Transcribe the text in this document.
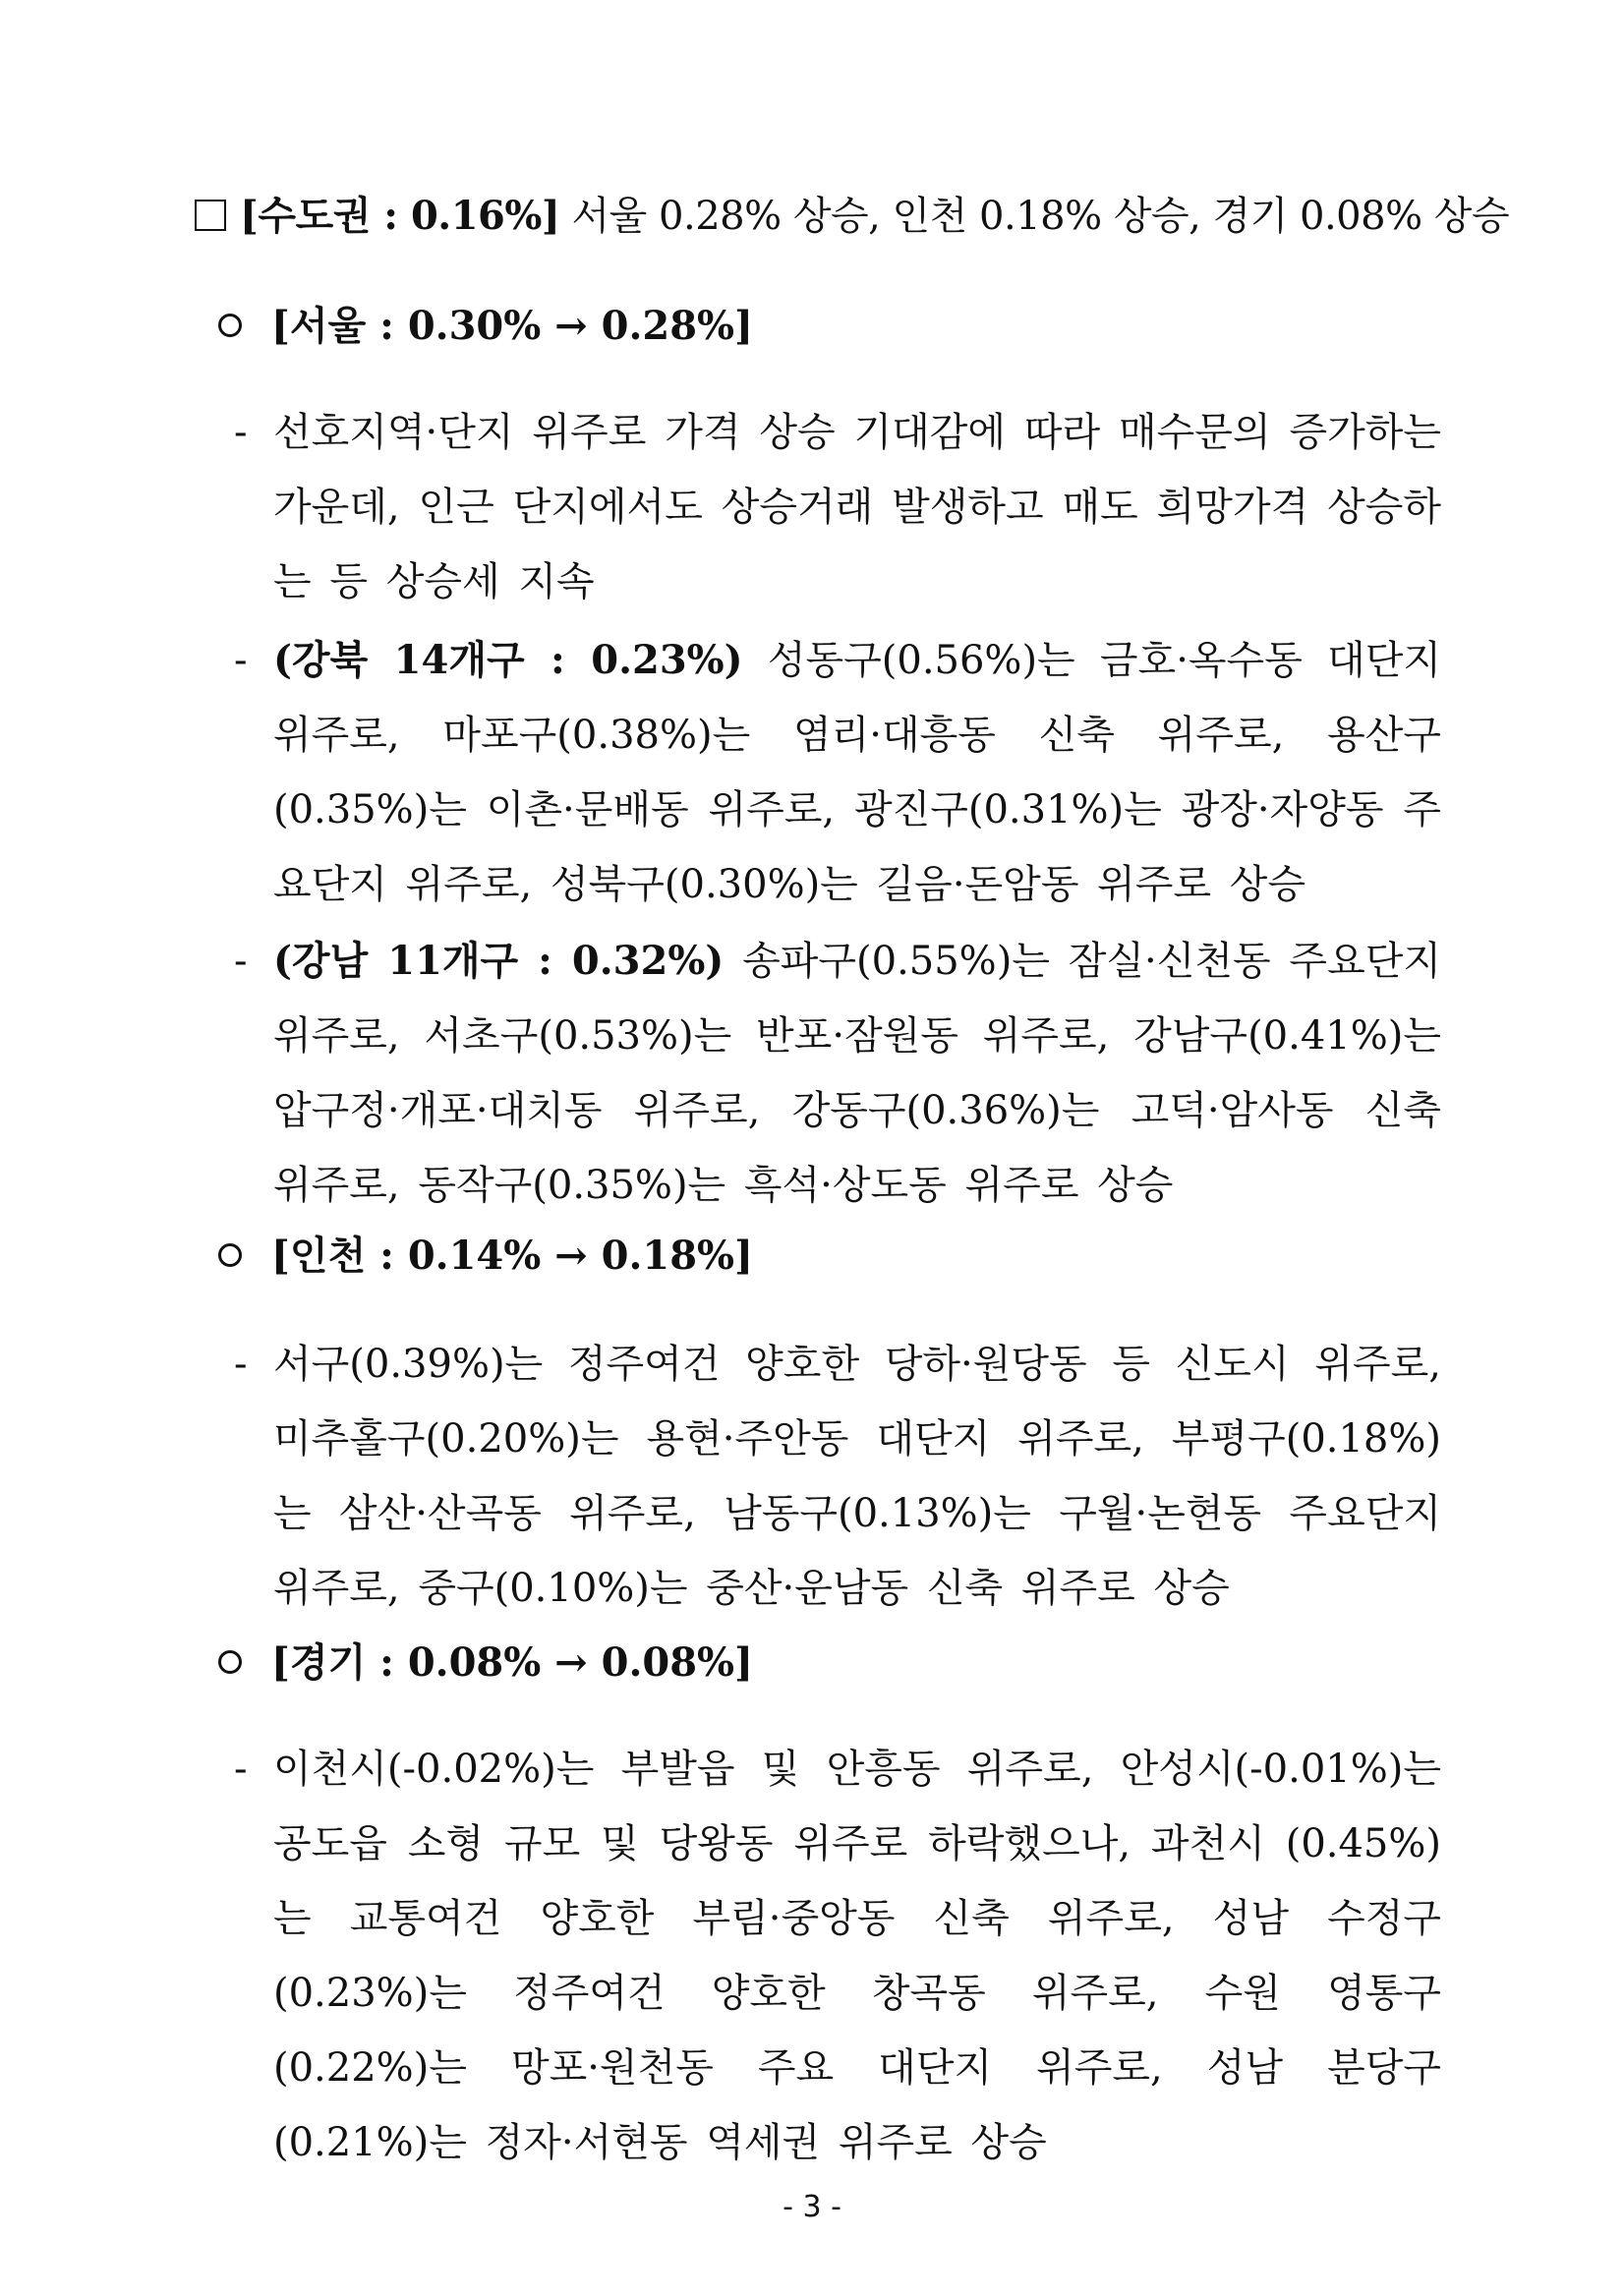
[수도권 : 0.16%] 서울 0.28% 상승, 인천 0.18% 상승, 경기 0.08% 상승
[서울 : 0.30% → 0.28%]
- 선호지역·단지 위주로 가격 상승 기대감에 따라 매수문의 증가하는 가운데, 인근 단지에서도 상승거래 발생하고 매도 희망가격 상승하는 등 상승세 지속
- (강북 14개구 : 0.23%) 성동구(0.56%)는 금호·옥수동 대단지 위주로, 마포구(0.38%)는 염리·대흥동 신축 위주로, 용산구 (0.35%)는 이촌·문배동 위주로, 광진구(0.31%)는 광장·자양동 주요단지 위주로, 성북구(0.30%)는 길음·돈암동 위주로 상승
- (강남 11개구 : 0.32%) 송파구(0.55%)는 잠실·신천동 주요단지 위주로, 서초구(0.53%)는 반포·잠원동 위주로, 강남구(0.41%)는 압구정·개포·대치동 위주로, 강동구(0.36%)는 고덕·암사동 신축 위주로, 동작구(0.35%)는 흑석·상도동 위주로 상승
[인천 : 0.14% → 0.18%]
- 서구(0.39%)는 정주여건 양호한 당하·원당동 등 신도시 위주로, 미추홀구(0.20%)는 용현·주안동 대단지 위주로, 부평구(0.18%)는 삼산·산곡동 위주로, 남동구(0.13%)는 구월·논현동 주요단지 위주로, 중구(0.10%)는 중산·운남동 신축 위주로 상승
[경기 : 0.08% → 0.08%]
- 이천시(-0.02%)는 부발읍 및 안흥동 위주로, 안성시(-0.01%)는 공도읍 소형 규모 및 당왕동 위주로 하락했으나, 과천시 (0.45%)는 교통여건 양호한 부림·중앙동 신축 위주로, 성남 수정구(0.23%)는 정주여건 양호한 창곡동 위주로, 수원 영통구 (0.22%)는 망포·원천동 주요 대단지 위주로, 성남 분당구 (0.21%)는 정자·서현동 역세권 위주로 상승
- 3 -
